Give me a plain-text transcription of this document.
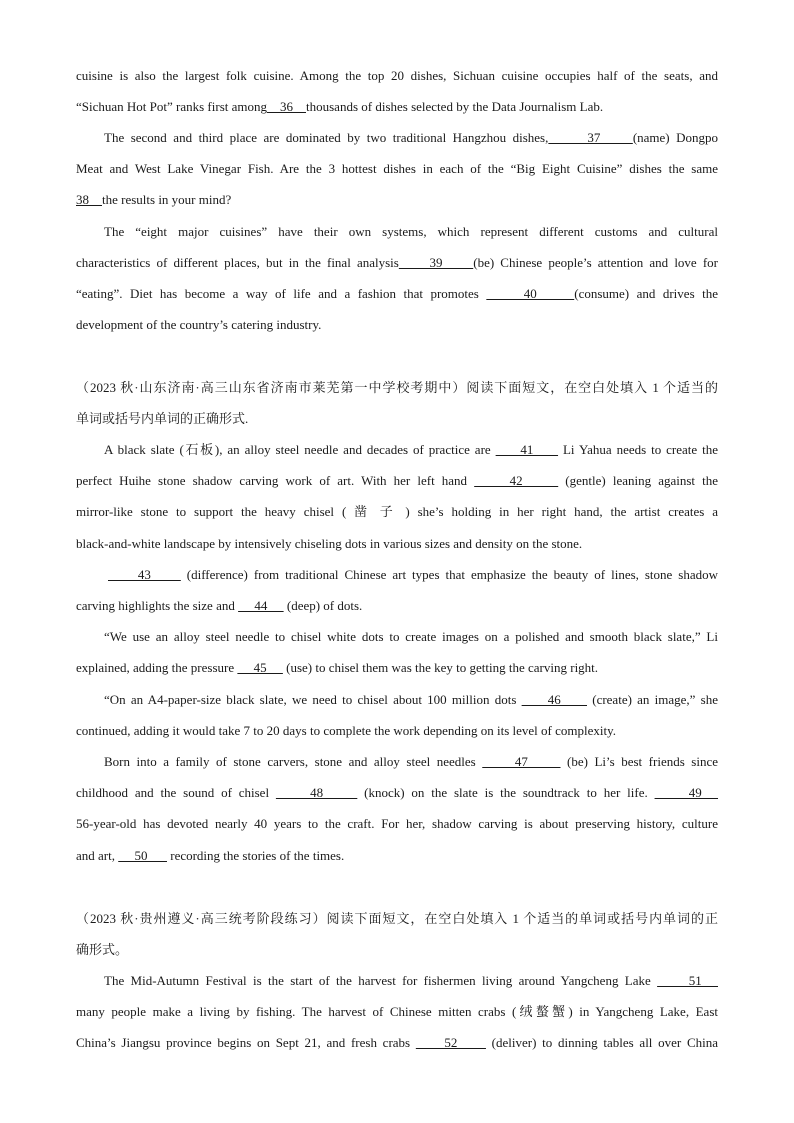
cuisine is also the largest folk cuisine. Among the top 20 dishes, Sichuan cuisine occupies half of the seats, and
“Sichuan Hot Pot” ranks first among    36    thousands of dishes selected by the Data Journalism Lab.
The second and third place are dominated by two traditional Hangzhou dishes,      37     (name) Dongpo
Meat and West Lake Vinegar Fish. Are the 3 hottest dishes in each of the “Big Eight Cuisine” dishes the same
38    the results in your mind?
The “eight major cuisines” have their own systems, which represent different customs and cultural
characteristics of different places, but in the final analysis     39     (be) Chinese people’s attention and love for
“eating”. Diet has become a way of life and a fashion that promotes      40     (consume) and drives the
development of the country’s catering industry.
（2023 秋·山东济南·高三山东省济南市莱芜第一中学校考期中）阅读下面短文，在空白处填入 1 个适当的
单词或括号内单词的正确形式.
A black slate (石板), an alloy steel needle and decades of practice are      41      Li Yahua needs to create the
perfect Huihe stone shadow carving work of art. With her left hand      42      (gentle) leaning against the
mirror-like stone to support the heavy chisel ( 凿 子 ) she’s holding in her right hand, the artist creates a
black-and-white landscape by intensively chiseling dots in various sizes and density on the stone.
43      (difference) from traditional Chinese art types that emphasize the beauty of lines, stone shadow
carving highlights the size and      44      (deep) of dots.
“We use an alloy steel needle to chisel white dots to create images on a polished and smooth black slate,” Li
explained, adding the pressure      45      (use) to chisel them was the key to getting the carving right.
“On an A4-paper-size black slate, we need to chisel about 100 million dots      46      (create) an image,” she
continued, adding it would take 7 to 20 days to complete the work depending on its level of complexity.
Born into a family of stone carvers, stone and alloy steel needles      47      (be) Li’s best friends since
childhood and the sound of chisel      48      (knock) on the slate is the soundtrack to her life.      49
56-year-old has devoted nearly 40 years to the craft. For her, shadow carving is about preserving history, culture
and art,      50       recording the stories of the times.
（2023 秋·贵州遵义·高三统考阶段练习）阅读下面短文，在空白处填入 1 个适当的单词或括号内单词的正
确形式。
The Mid-Autumn Festival is the start of the harvest for fishermen living around Yangcheng Lake      51
many people make a living by fishing. The harvest of Chinese mitten crabs (绒螯蟹) in Yangcheng Lake, East
China’s Jiangsu province begins on Sept 21, and fresh crabs      52      (deliver) to dinning tables all over China
